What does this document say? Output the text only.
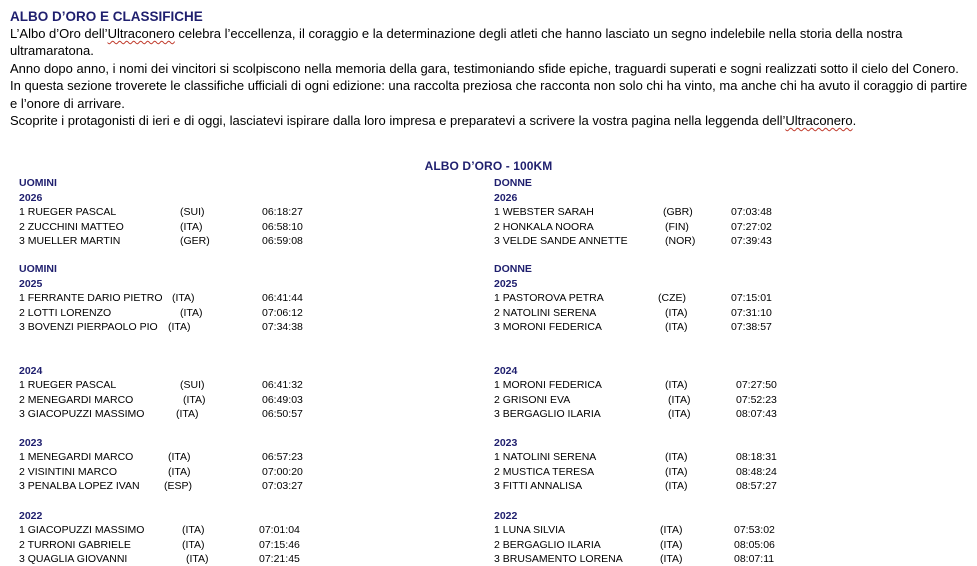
ALBO D’ORO E CLASSIFICHE

L’Albo d’Oro dell’Ultraconero celebra l’eccellenza, il coraggio e la determinazione degli atleti che hanno lasciato un segno indelebile nella storia della nostra ultramaratona.

Anno dopo anno, i nomi dei vincitori si scolpiscono nella memoria della gara, testimoniando sfide epiche, traguardi superati e sogni realizzati sotto il cielo del Conero.

In questa sezione troverete le classifiche ufficiali di ogni edizione: una raccolta preziosa che racconta non solo chi ha vinto, ma anche chi ha avuto il coraggio di partire e l’onore di arrivare.

Scoprite i protagonisti di ieri e di oggi, lasciatevi ispirare dalla loro impresa e preparatevi a scrivere la vostra pagina nella leggenda dell’Ultraconero.

ALBO D’ORO - 100KM
UOMINI
2026
1 RUEGER PASCAL	(SUI)	06:18:27
2 ZUCCHINI MATTEO	(ITA)	06:58:10
3 MUELLER MARTIN	(GER)	06:59:08
UOMINI
2025
1 FERRANTE DARIO PIETRO (ITA)	06:41:44
2 LOTTI LORENZO	(ITA)	07:06:12
3 BOVENZI PIERPAOLO PIO (ITA)	07:34:38
2024
1 RUEGER PASCAL	(SUI)	06:41:32
2 MENEGARDI MARCO	(ITA)	06:49:03
3 GIACOPUZZI MASSIMO	(ITA)	06:50:57
2023
1 MENEGARDI MARCO	(ITA)	06:57:23
2 VISINTINI MARCO	(ITA)	07:00:20
3 PENALBA LOPEZ IVAN (ESP)	07:03:27
2022
1 GIACOPUZZI MASSIMO	(ITA)	07:01:04
2 TURRONI GABRIELE	(ITA)	07:15:46
3 QUAGLIA GIOVANNI	(ITA)	07:21:45
DONNE
2026
1 WEBSTER SARAH	(GBR)	07:03:48
2 HONKALA NOORA	(FIN)	07:27:02
3 VELDE SANDE ANNETTE	(NOR)	07:39:43
DONNE
2025
1 PASTOROVA PETRA	(CZE)	07:15:01
2 NATOLINI SERENA	(ITA)	07:31:10
3 MORONI FEDERICA	(ITA)	07:38:57
2024
1 MORONI FEDERICA	(ITA)	07:27:50
2 GRISONI EVA	(ITA)	07:52:23
3 BERGAGLIO ILARIA	(ITA)	08:07:43
2023
1 NATOLINI SERENA	(ITA)	08:18:31
2 MUSTICA TERESA	(ITA)	08:48:24
3 FITTI ANNALISA	(ITA)	08:57:27
2022
1 LUNA SILVIA	(ITA)	07:53:02
2 BERGAGLIO ILARIA	(ITA)	08:05:06
3 BRUSAMENTO LORENA	(ITA)	08:07:11
